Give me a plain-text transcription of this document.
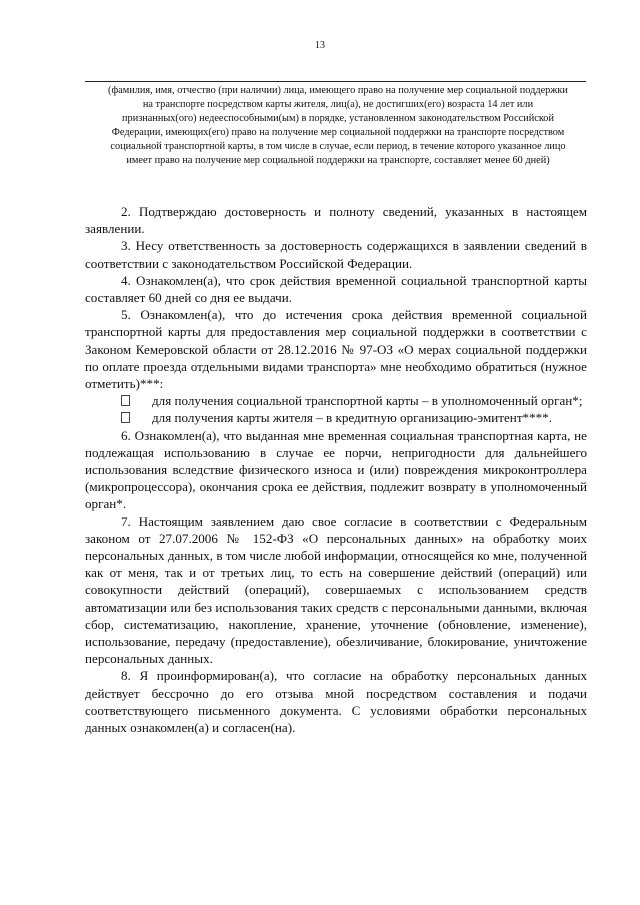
13
(фамилия, имя, отчество (при наличии) лица, имеющего право на получение мер социальной поддержки на транспорте посредством карты жителя, лиц(а), не достигших(его) возраста 14 лет или признанных(ого) недееспособными(ым) в порядке, установленном законодательством Российской Федерации, имеющих(его) право на получение мер социальной поддержки на транспорте посредством социальной транспортной карты, в том числе в случае, если период, в течение которого указанное лицо имеет право на получение мер социальной поддержки на транспорте, составляет менее 60 дней)

2. Подтверждаю достоверность и полноту сведений, указанных в настоящем заявлении.

3. Несу ответственность за достоверность содержащихся в заявлении сведений в соответствии с законодательством Российской Федерации.

4. Ознакомлен(а), что срок действия временной социальной транспортной карты составляет 60 дней со дня ее выдачи.

5. Ознакомлен(а), что до истечения срока действия временной социальной транспортной карты для предоставления мер социальной поддержки в соответствии с Законом Кемеровской области от 28.12.2016 № 97-ОЗ «О мерах социальной поддержки по оплате проезда отдельными видами транспорта» мне необходимо обратиться (нужное отметить)***:

для получения социальной транспортной карты – в уполномоченный орган*;

для получения карты жителя – в кредитную организацию-эмитент****.

6. Ознакомлен(а), что выданная мне временная социальная транспортная карта, не подлежащая использованию в случае ее порчи, непригодности для дальнейшего использования вследствие физического износа и (или) повреждения микроконтроллера (микропроцессора), окончания срока ее действия, подлежит возврату в уполномоченный орган*.

7. Настоящим заявлением даю свое согласие в соответствии с Федеральным законом от 27.07.2006 № 152-ФЗ «О персональных данных» на обработку моих персональных данных, в том числе любой информации, относящейся ко мне, полученной как от меня, так и от третьих лиц, то есть на совершение действий (операций) или совокупности действий (операций), совершаемых с использованием средств автоматизации или без использования таких средств с персональными данными, включая сбор, систематизацию, накопление, хранение, уточнение (обновление, изменение), использование, передачу (предоставление), обезличивание, блокирование, уничтожение персональных данных.

8. Я проинформирован(а), что согласие на обработку персональных данных действует бессрочно до его отзыва мной посредством составления и подачи соответствующего письменного документа. С условиями обработки персональных данных ознакомлен(а) и согласен(на).
